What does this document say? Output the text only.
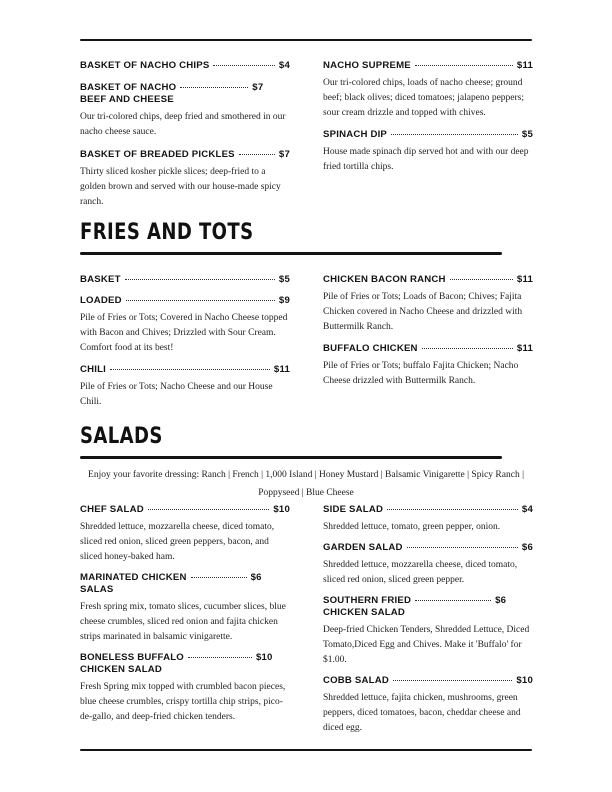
BASKET OF NACHO CHIPS	$4
BASKET OF NACHO	$7
BEEF AND CHEESE
Our tri-colored chips, deep fried and smothered in our nacho cheese sauce.
BASKET OF BREADED PICKLES	$7
Thirty sliced kosher pickle slices; deep-fried to a golden brown and served with our house-made spicy ranch.
NACHO SUPREME	$11
Our tri-colored chips, loads of nacho cheese; ground beef; black olives; diced tomatoes; jalapeno peppers; sour cream drizzle and topped with chives.
SPINACH DIP	$5
House made spinach dip served hot and with our deep fried tortilla chips.
FRIES AND TOTS
BASKET	$5
LOADED	$9
Pile of Fries or Tots; Covered in Nacho Cheese topped with Bacon and Chives; Drizzled with Sour Cream. Comfort food at its best!
CHILI	$11
Pile of Fries or Tots; Nacho Cheese and our House Chili.
CHICKEN BACON RANCH	$11
Pile of Fries or Tots; Loads of Bacon; Chives; Fajita Chicken covered in Nacho Cheese and drizzled with Buttermilk Ranch.
BUFFALO CHICKEN	$11
Pile of Fries or Tots; buffalo Fajita Chicken; Nacho Cheese drizzled with Buttermilk Ranch.
SALADS
Enjoy your favorite dressing: Ranch | French | 1,000 Island | Honey Mustard | Balsamic Vinigarette | Spicy Ranch | Poppyseed | Blue Cheese
CHEF SALAD	$10
Shredded lettuce, mozzarella cheese, diced tomato, sliced red onion, sliced green peppers, bacon, and sliced honey-baked ham.
MARINATED CHICKEN	$6
SALAS
Fresh spring mix, tomato slices, cucumber slices, blue cheese crumbles, sliced red onion and fajita chicken strips marinated in balsamic vinigarette.
BONELESS BUFFALO	$10
CHICKEN SALAD
Fresh Spring mix topped with crumbled bacon pieces, blue cheese crumbles, crispy tortilla chip strips, pico-de-gallo, and deep-fried chicken tenders.
SIDE SALAD	$4
Shredded lettuce, tomato, green pepper, onion.
GARDEN SALAD	$6
Shredded lettuce, mozzarella cheese, diced tomato, sliced red onion, sliced green pepper.
SOUTHERN FRIED	$6
CHICKEN SALAD
Deep-fried Chicken Tenders, Shredded Lettuce, Diced Tomato,Diced Egg and Chives. Make it 'Buffalo' for $1.00.
COBB SALAD	$10
Shredded lettuce, fajita chicken, mushrooms, green peppers, diced tomatoes, bacon, cheddar cheese and diced egg.
